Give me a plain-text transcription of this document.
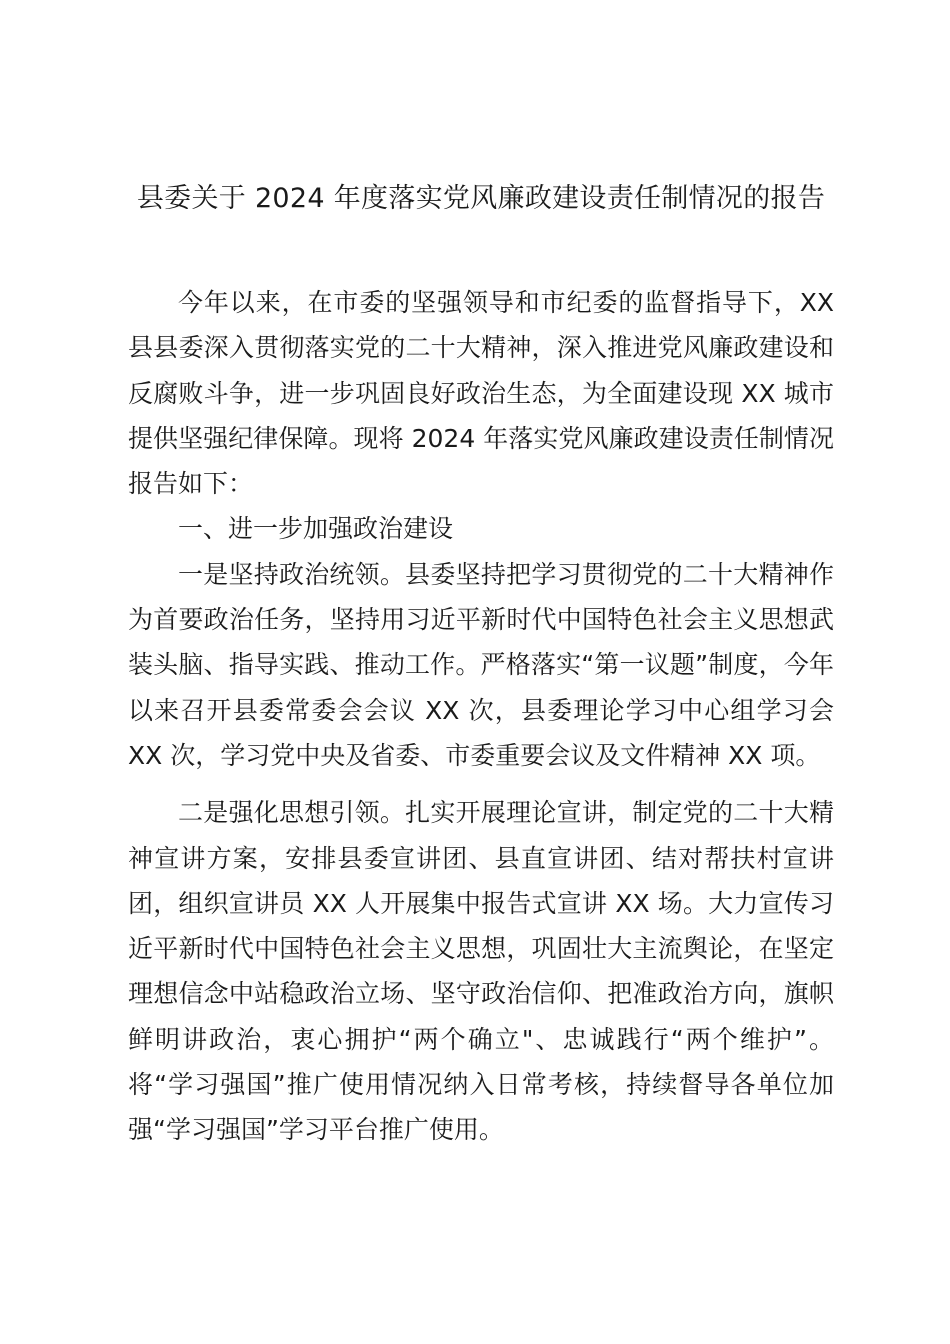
县委关于 2024 年度落实党风廉政建设责任制情况的报告

今年以来，在市委的坚强领导和市纪委的监督指导下，XX 县县委深入贯彻落实党的二十大精神，深入推进党风廉政建设和反腐败斗争，进一步巩固良好政治生态，为全面建设现 XX 城市提供坚强纪律保障。现将 2024 年落实党风廉政建设责任制情况报告如下：

一、进一步加强政治建设

一是坚持政治统领。县委坚持把学习贯彻党的二十大精神作为首要政治任务，坚持用习近平新时代中国特色社会主义思想武装头脑、指导实践、推动工作。严格落实“第一议题”制度，今年以来召开县委常委会会议 XX 次，县委理论学习中心组学习会 XX 次，学习党中央及省委、市委重要会议及文件精神 XX 项。

二是强化思想引领。扎实开展理论宣讲，制定党的二十大精神宣讲方案，安排县委宣讲团、县直宣讲团、结对帮扶村宣讲团，组织宣讲员 XX 人开展集中报告式宣讲 XX 场。大力宣传习近平新时代中国特色社会主义思想，巩固壮大主流舆论，在坚定理想信念中站稳政治立场、坚守政治信仰、把准政治方向，旗帜鲜明讲政治，衷心拥护“两个确立"、忠诚践行“两个维护”。将“学习强国”推广使用情况纳入日常考核，持续督导各单位加强“学习强国”学习平台推广使用。
